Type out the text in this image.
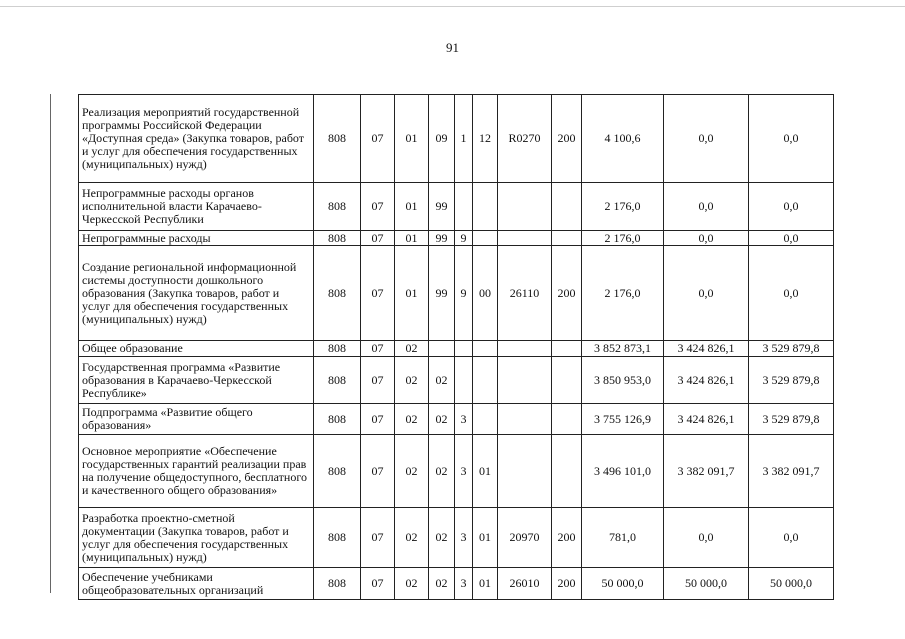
91
Реализация мероприятий государственной программы Российской Федерации «Доступная среда» (Закупка товаров, работ и услуг для обеспечения государственных (муниципальных) нужд)	808	07	01	09	1	12	R0270	200	4 100,6	0,0	0,0
Непрограммные расходы органов исполнительной власти Карачаево-Черкесской Республики	808	07	01	99					2 176,0	0,0	0,0
Непрограммные расходы	808	07	01	99	9				2 176,0	0,0	0,0
Создание региональной информационной системы доступности дошкольного образования (Закупка товаров, работ и услуг для обеспечения государственных (муниципальных) нужд)	808	07	01	99	9	00	26110	200	2 176,0	0,0	0,0
Общее образование	808	07	02						3 852 873,1	3 424 826,1	3 529 879,8
Государственная программа «Развитие образования в Карачаево-Черкесской Республике»	808	07	02	02					3 850 953,0	3 424 826,1	3 529 879,8
Подпрограмма «Развитие общего образования»	808	07	02	02	3				3 755 126,9	3 424 826,1	3 529 879,8
Основное мероприятие «Обеспечение государственных гарантий реализации прав на получение общедоступного, бесплатного и качественного общего образования»	808	07	02	02	3	01			3 496 101,0	3 382 091,7	3 382 091,7
Разработка проектно-сметной документации (Закупка товаров, работ и услуг для обеспечения государственных (муниципальных) нужд)	808	07	02	02	3	01	20970	200	781,0	0,0	0,0
Обеспечение учебниками общеобразовательных организаций	808	07	02	02	3	01	26010	200	50 000,0	50 000,0	50 000,0
